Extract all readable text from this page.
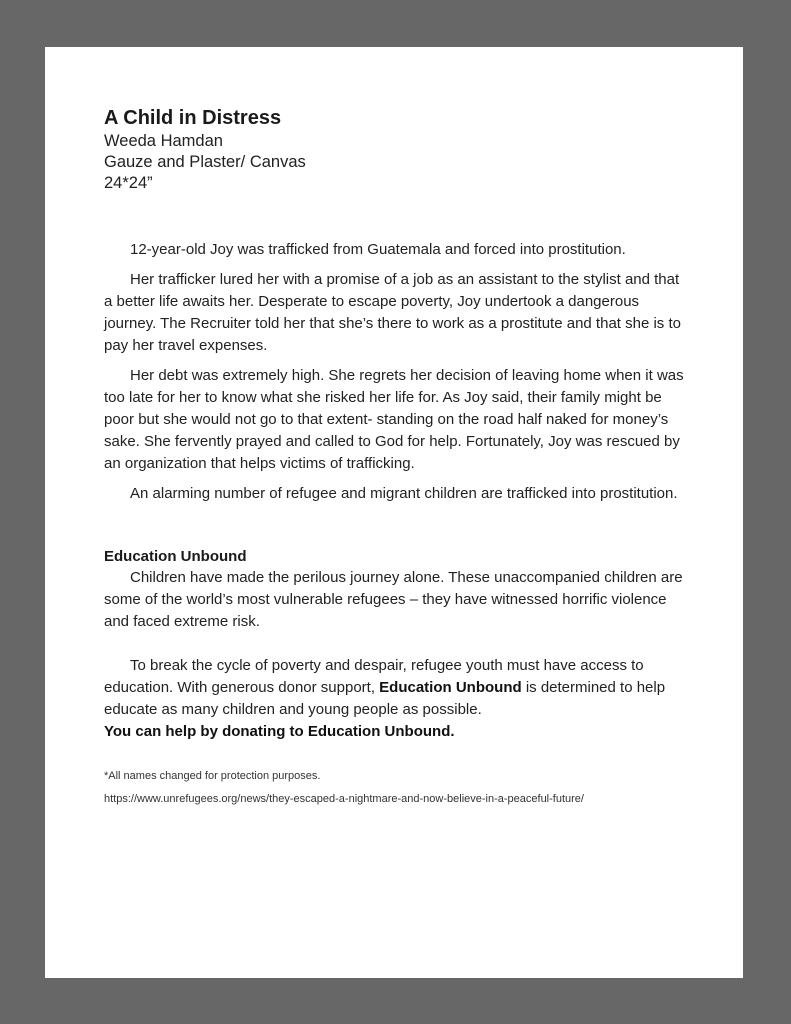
A Child in Distress

Weeda Hamdan

Gauze and Plaster/ Canvas

24*24”

12-year-old Joy was trafficked from Guatemala and forced into prostitution.

Her trafficker lured her with a promise of a job as an assistant to the stylist and that a better life awaits her. Desperate to escape poverty, Joy undertook a dangerous journey. The Recruiter told her that she’s there to work as a prostitute and that she is to pay her travel expenses.

Her debt was extremely high. She regrets her decision of leaving home when it was too late for her to know what she risked her life for. As Joy said, their family might be poor but she would not go to that extent- standing on the road half naked for money’s sake. She fervently prayed and called to God for help. Fortunately, Joy was rescued by an organization that helps victims of trafficking.

An alarming number of refugee and migrant children are trafficked into prostitution.

Education Unbound

Children have made the perilous journey alone. These unaccompanied children are some of the world’s most vulnerable refugees – they have witnessed horrific violence and faced extreme risk.

To break the cycle of poverty and despair, refugee youth must have access to education. With generous donor support, Education Unbound is determined to help educate as many children and young people as possible.

You can help by donating to Education Unbound.

*All names changed for protection purposes.

https://www.unrefugees.org/news/they-escaped-a-nightmare-and-now-believe-in-a-peaceful-future/
